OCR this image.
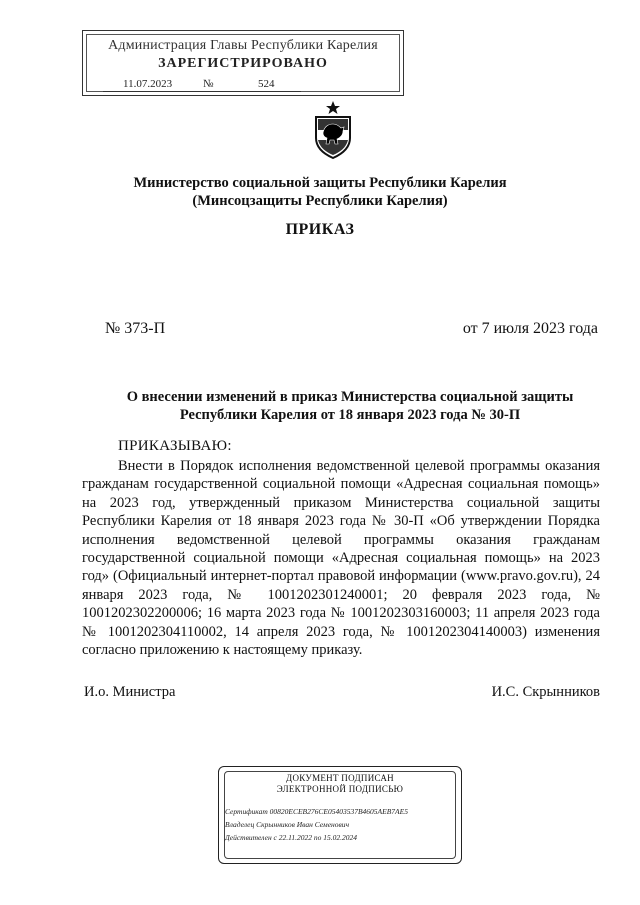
Администрация Главы Республики Карелия
ЗАРЕГИСТРИРОВАНО
11.07.2023	№	524
Министерство социальной защиты Республики Карелия
(Минсоцзащиты Республики Карелия)
ПРИКАЗ
№ 373-П	от 7 июля 2023 года
О внесении изменений в приказ Министерства социальной защиты
Республики Карелия от 18 января 2023 года № 30-П
ПРИКАЗЫВАЮ:
Внести в Порядок исполнения ведомственной целевой программы оказания гражданам государственной социальной помощи «Адресная социальная помощь» на 2023 год, утвержденный приказом Министерства социальной защиты Республики Карелия от 18 января 2023 года № 30-П «Об утверждении Порядка исполнения ведомственной целевой программы оказания гражданам государственной социальной помощи «Адресная социальная помощь» на 2023 год» (Официальный интернет-портал правовой информации (www.pravo.gov.ru), 24 января 2023 года, № 1001202301240001; 20 февраля 2023 года, № 1001202302200006; 16 марта 2023 года № 1001202303160003; 11 апреля 2023 года № 1001202304110002, 14 апреля 2023 года, № 1001202304140003) изменения согласно приложению к настоящему приказу.
И.о. Министра	И.С. Скрынников
ДОКУМЕНТ ПОДПИСАН
ЭЛЕКТРОННОЙ ПОДПИСЬЮ
Сертификат 00820ECEB276CE05403537B4605AEB7AE5
Владелец Скрынников Иван Семенович
Действителен с 22.11.2022 по 15.02.2024
